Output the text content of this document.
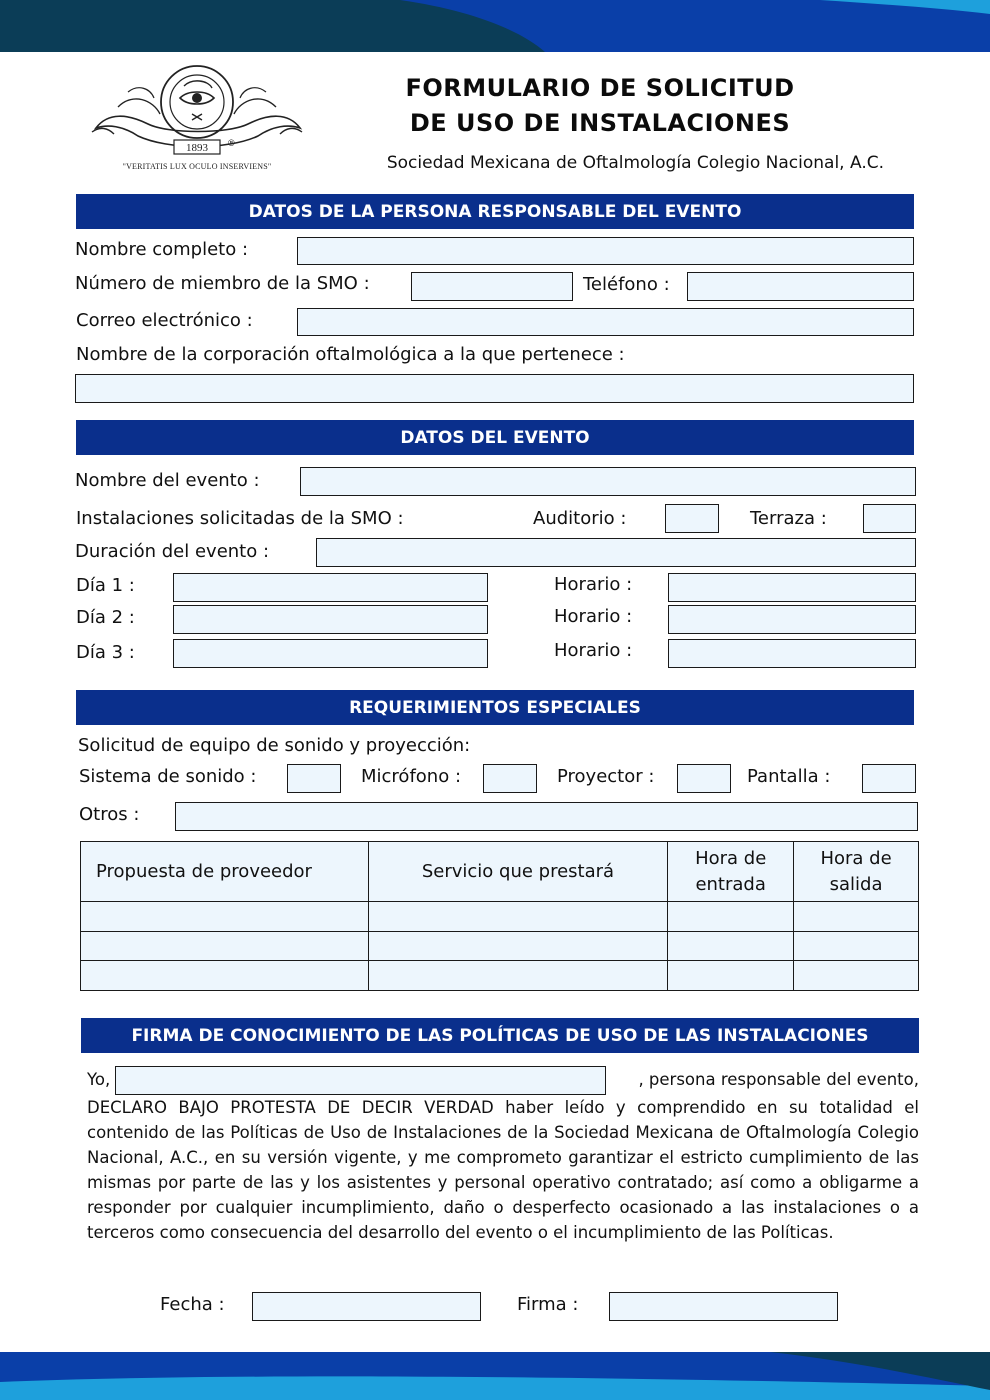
1893 ®
"VERITATIS LUX OCULO INSERVIENS"
FORMULARIO DE SOLICITUD
DE USO DE INSTALACIONES
Sociedad Mexicana de Oftalmología Colegio Nacional, A.C.
DATOS DE LA PERSONA RESPONSABLE DEL EVENTO
Nombre completo :
Número de miembro de la SMO :	Teléfono :
Correo electrónico :
Nombre de la corporación oftalmológica a la que pertenece :
DATOS DEL EVENTO
Nombre del evento :
Instalaciones solicitadas de la SMO :	Auditorio :	Terraza :
Duración del evento :
Día 1 :	Horario :
Día 2 :	Horario :
Día 3 :	Horario :
REQUERIMIENTOS ESPECIALES
Solicitud de equipo de sonido y proyección:
Sistema de sonido :	Micrófono :	Proyector :	Pantalla :
Otros :
Propuesta de proveedor	Servicio que prestará	Hora de entrada	Hora de salida

FIRMA DE CONOCIMIENTO DE LAS POLÍTICAS DE USO DE LAS INSTALACIONES
Yo,	, persona responsable del evento,
DECLARO BAJO PROTESTA DE DECIR VERDAD haber leído y comprendido en su totalidad el contenido de las Políticas de Uso de Instalaciones de la Sociedad Mexicana de Oftalmología Colegio Nacional, A.C., en su versión vigente, y me comprometo garantizar el estricto cumplimiento de las mismas por parte de las y los asistentes y personal operativo contratado; así como a obligarme a responder por cualquier incumplimiento, daño o desperfecto ocasionado a las instalaciones o a terceros como consecuencia del desarrollo del evento o el incumplimiento de las Políticas.
Fecha :	Firma :
